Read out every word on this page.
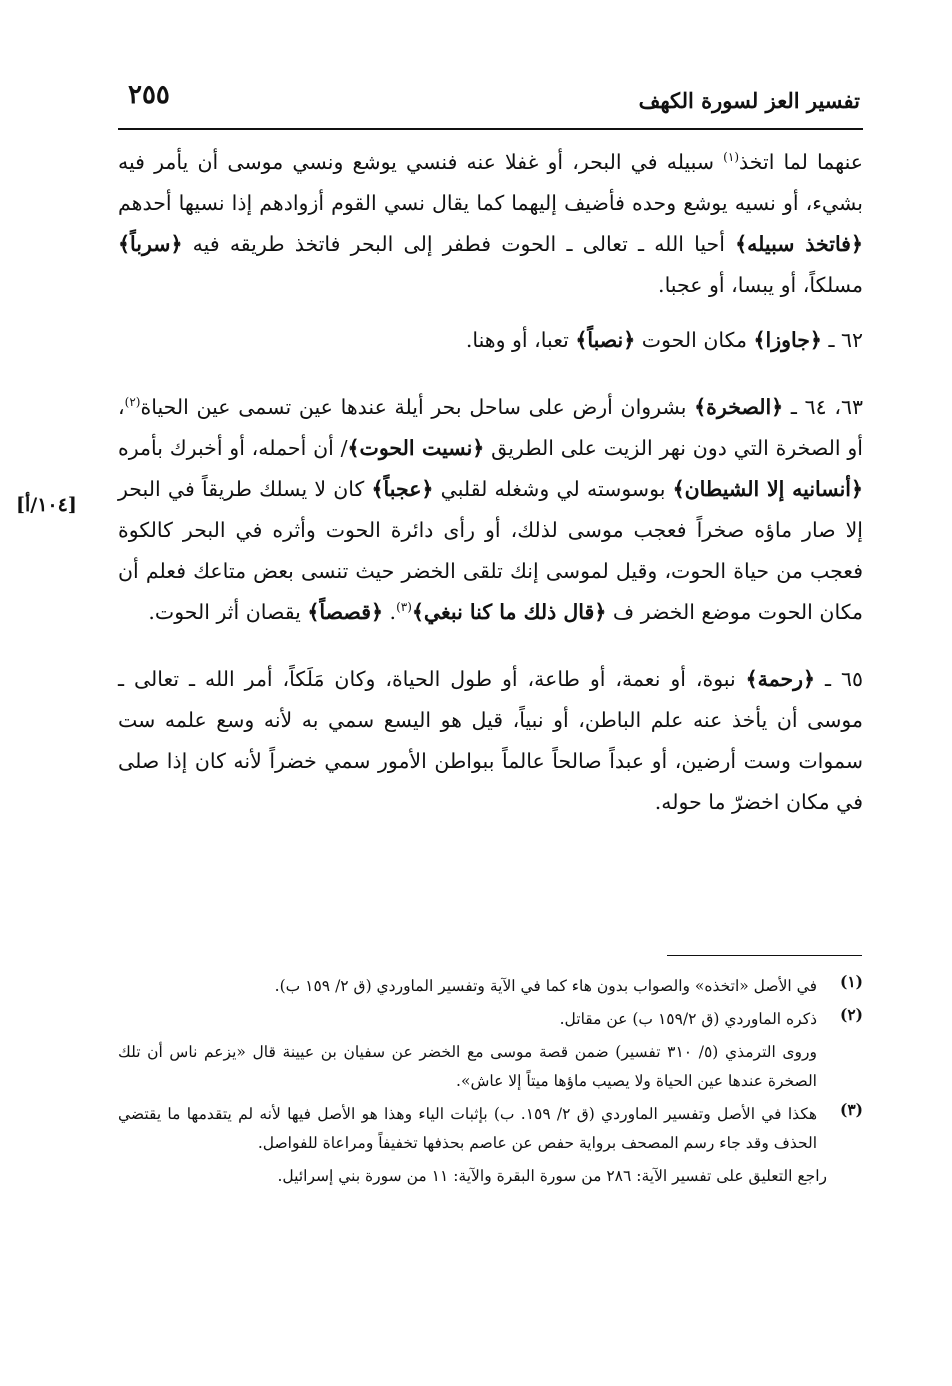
تفسير العز لسورة الكهف
٢٥٥
[١٠٤/أ]

عنهما لما اتخذ$^{(١)}$ سبيله في البحر، أو غفلا عنه فنسي يوشع ونسي موسى أن يأمر فيه بشيء، أو نسيه يوشع وحده فأضيف إليهما كما يقال نسي القوم أزوادهم إذا نسيها أحدهم ﴿فاتخذ سبيله﴾ أحيا الله ـ تعالى ـ الحوت فطفر إلى البحر فاتخذ طريقه فيه ﴿سرباً﴾ مسلكاً، أو يبسا، أو عجبا.

٦٢ ـ ﴿جاوزا﴾ مكان الحوت ﴿نصباً﴾ تعبا، أو وهنا.

٦٣، ٦٤ ـ ﴿الصخرة﴾ بشروان أرض على ساحل بحر أيلة عندها عين تسمى عين الحياة$^{(٢)}$، أو الصخرة التي دون نهر الزيت على الطريق ﴿نسيت الحوت﴾/ أن أحمله، أو أخبرك بأمره ﴿أنسانيه إلا الشيطان﴾ بوسوسته لي وشغله لقلبي ﴿عجباً﴾ كان لا يسلك طريقاً في البحر إلا صار ماؤه صخراً فعجب موسى لذلك، أو رأى دائرة الحوت وأثره في البحر كالكوة فعجب من حياة الحوت، وقيل لموسى إنك تلقى الخضر حيث تنسى بعض متاعك فعلم أن مكان الحوت موضع الخضر ف ﴿قال ذلك ما كنا نبغي﴾$^{(٣)}$. ﴿قصصاً﴾ يقصان أثر الحوت.

٦٥ ـ ﴿رحمة﴾ نبوة، أو نعمة، أو طاعة، أو طول الحياة، وكان مَلَكاً، أمر الله ـ تعالى ـ موسى أن يأخذ عنه علم الباطن، أو نبياً، قيل هو اليسع سمي به لأنه وسع علمه ست سموات وست أرضين، أو عبداً صالحاً عالماً ببواطن الأمور سمي خضراً لأنه كان إذا صلى في مكان اخضرّ ما حوله.

(١)
في الأصل «اتخذه» والصواب بدون هاء كما في الآية وتفسير الماوردي (ق ٢/ ١٥٩ ب).
(٢)
ذكره الماوردي (ق ١٥٩/٢ ب) عن مقاتل.
وروى الترمذي (٥/ ٣١٠ تفسير) ضمن قصة موسى مع الخضر عن سفيان بن عيينة قال «يزعم ناس أن تلك الصخرة عندها عين الحياة ولا يصيب ماؤها ميتاً إلا عاش».
(٣)
هكذا في الأصل وتفسير الماوردي (ق ٢/ ١٥٩. ب) بإثبات الياء وهذا هو الأصل فيها لأنه لم يتقدمها ما يقتضي الحذف وقد جاء رسم المصحف برواية حفص عن عاصم بحذفها تخفيفاً ومراعاة للفواصل.
راجع التعليق على تفسير الآية: ٢٨٦ من سورة البقرة والآية: ١١ من سورة بني إسرائيل.
